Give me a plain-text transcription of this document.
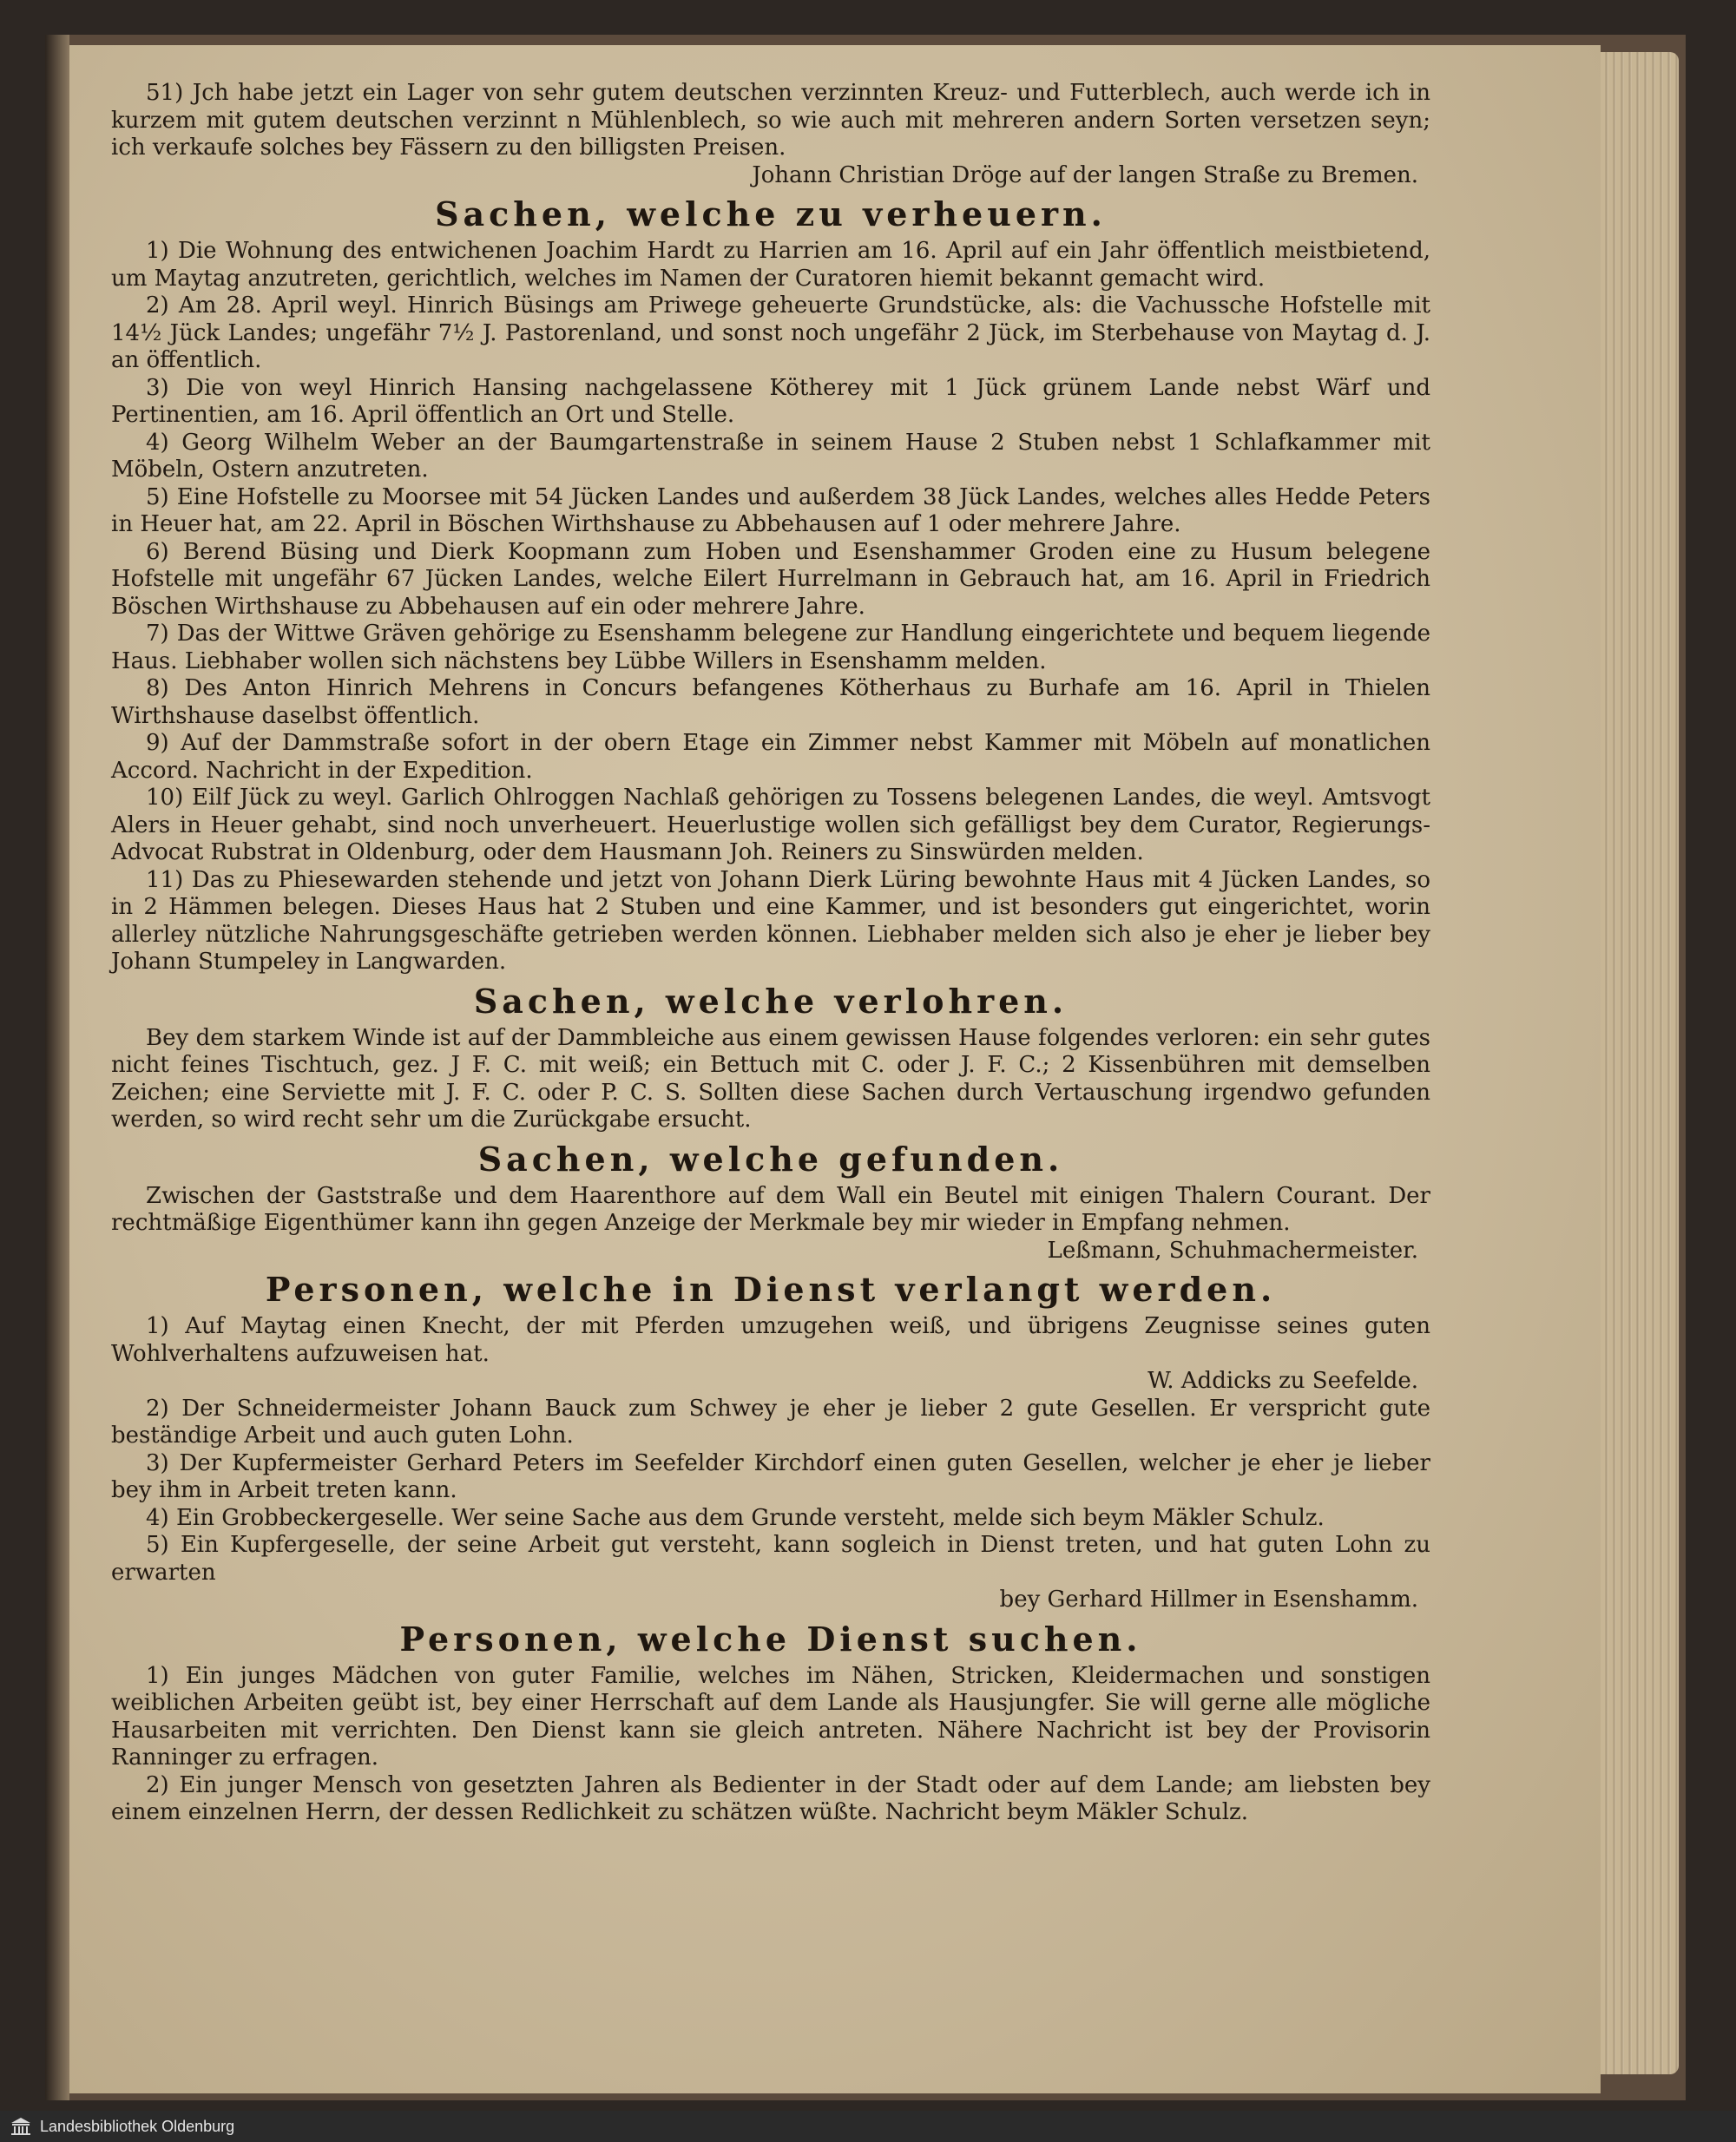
51) Jch habe jetzt ein Lager von sehr gutem deutschen verzinnten Kreuz- und Futterblech, auch werde ich in kurzem mit gutem deutschen verzinnt n Mühlenblech, so wie auch mit mehreren andern Sorten versetzen seyn; ich verkaufe solches bey Fässern zu den billigsten Preisen.

Johann Christian Dröge auf der langen Straße zu Bremen.

Sachen, welche zu verheuern.

1) Die Wohnung des entwichenen Joachim Hardt zu Harrien am 16. April auf ein Jahr öffentlich meistbietend, um Maytag anzutreten, gerichtlich, welches im Namen der Curatoren hiemit bekannt gemacht wird.

2) Am 28. April weyl. Hinrich Büsings am Priwege geheuerte Grundstücke, als: die Vachussche Hofstelle mit 14½ Jück Landes; ungefähr 7½ J. Pastorenland, und sonst noch ungefähr 2 Jück, im Sterbehause von Maytag d. J. an öffentlich.

3) Die von weyl Hinrich Hansing nachgelassene Kötherey mit 1 Jück grünem Lande nebst Wärf und Pertinentien, am 16. April öffentlich an Ort und Stelle.

4) Georg Wilhelm Weber an der Baumgartenstraße in seinem Hause 2 Stuben nebst 1 Schlafkammer mit Möbeln, Ostern anzutreten.

5) Eine Hofstelle zu Moorsee mit 54 Jücken Landes und außerdem 38 Jück Landes, welches alles Hedde Peters in Heuer hat, am 22. April in Böschen Wirthshause zu Abbehausen auf 1 oder mehrere Jahre.

6) Berend Büsing und Dierk Koopmann zum Hoben und Esenshammer Groden eine zu Husum belegene Hofstelle mit ungefähr 67 Jücken Landes, welche Eilert Hurrelmann in Gebrauch hat, am 16. April in Friedrich Böschen Wirthshause zu Abbehausen auf ein oder mehrere Jahre.

7) Das der Wittwe Gräven gehörige zu Esenshamm belegene zur Handlung eingerichtete und bequem liegende Haus. Liebhaber wollen sich nächstens bey Lübbe Willers in Esenshamm melden.

8) Des Anton Hinrich Mehrens in Concurs befangenes Kötherhaus zu Burhafe am 16. April in Thielen Wirthshause daselbst öffentlich.

9) Auf der Dammstraße sofort in der obern Etage ein Zimmer nebst Kammer mit Möbeln auf monatlichen Accord. Nachricht in der Expedition.

10) Eilf Jück zu weyl. Garlich Ohlroggen Nachlaß gehörigen zu Tossens belegenen Landes, die weyl. Amtsvogt Alers in Heuer gehabt, sind noch unverheuert. Heuerlustige wollen sich gefälligst bey dem Curator, Regierungs-Advocat Rubstrat in Oldenburg, oder dem Hausmann Joh. Reiners zu Sinswürden melden.

11) Das zu Phiesewarden stehende und jetzt von Johann Dierk Lüring bewohnte Haus mit 4 Jücken Landes, so in 2 Hämmen belegen. Dieses Haus hat 2 Stuben und eine Kammer, und ist besonders gut eingerichtet, worin allerley nützliche Nahrungsgeschäfte getrieben werden können. Liebhaber melden sich also je eher je lieber bey Johann Stumpeley in Langwarden.

Sachen, welche verlohren.

Bey dem starkem Winde ist auf der Dammbleiche aus einem gewissen Hause folgendes verloren: ein sehr gutes nicht feines Tischtuch, gez. J F. C. mit weiß; ein Bettuch mit C. oder J. F. C.; 2 Kissenbühren mit demselben Zeichen; eine Serviette mit J. F. C. oder P. C. S. Sollten diese Sachen durch Vertauschung irgendwo gefunden werden, so wird recht sehr um die Zurückgabe ersucht.

Sachen, welche gefunden.

Zwischen der Gaststraße und dem Haarenthore auf dem Wall ein Beutel mit einigen Thalern Courant. Der rechtmäßige Eigenthümer kann ihn gegen Anzeige der Merkmale bey mir wieder in Empfang nehmen.

Leßmann, Schuhmachermeister.

Personen, welche in Dienst verlangt werden.

1) Auf Maytag einen Knecht, der mit Pferden umzugehen weiß, und übrigens Zeugnisse seines guten Wohlverhaltens aufzuweisen hat.

W. Addicks zu Seefelde.

2) Der Schneidermeister Johann Bauck zum Schwey je eher je lieber 2 gute Gesellen. Er verspricht gute beständige Arbeit und auch guten Lohn.

3) Der Kupfermeister Gerhard Peters im Seefelder Kirchdorf einen guten Gesellen, welcher je eher je lieber bey ihm in Arbeit treten kann.

4) Ein Grobbeckergeselle. Wer seine Sache aus dem Grunde versteht, melde sich beym Mäkler Schulz.

5) Ein Kupfergeselle, der seine Arbeit gut versteht, kann sogleich in Dienst treten, und hat guten Lohn zu erwarten

bey Gerhard Hillmer in Esenshamm.

Personen, welche Dienst suchen.

1) Ein junges Mädchen von guter Familie, welches im Nähen, Stricken, Kleidermachen und sonstigen weiblichen Arbeiten geübt ist, bey einer Herrschaft auf dem Lande als Hausjungfer. Sie will gerne alle mögliche Hausarbeiten mit verrichten. Den Dienst kann sie gleich antreten. Nähere Nachricht ist bey der Provisorin Ranninger zu erfragen.

2) Ein junger Mensch von gesetzten Jahren als Bedienter in der Stadt oder auf dem Lande; am liebsten bey einem einzelnen Herrn, der dessen Redlichkeit zu schätzen wüßte. Nachricht beym Mäkler Schulz.

Landesbibliothek Oldenburg
